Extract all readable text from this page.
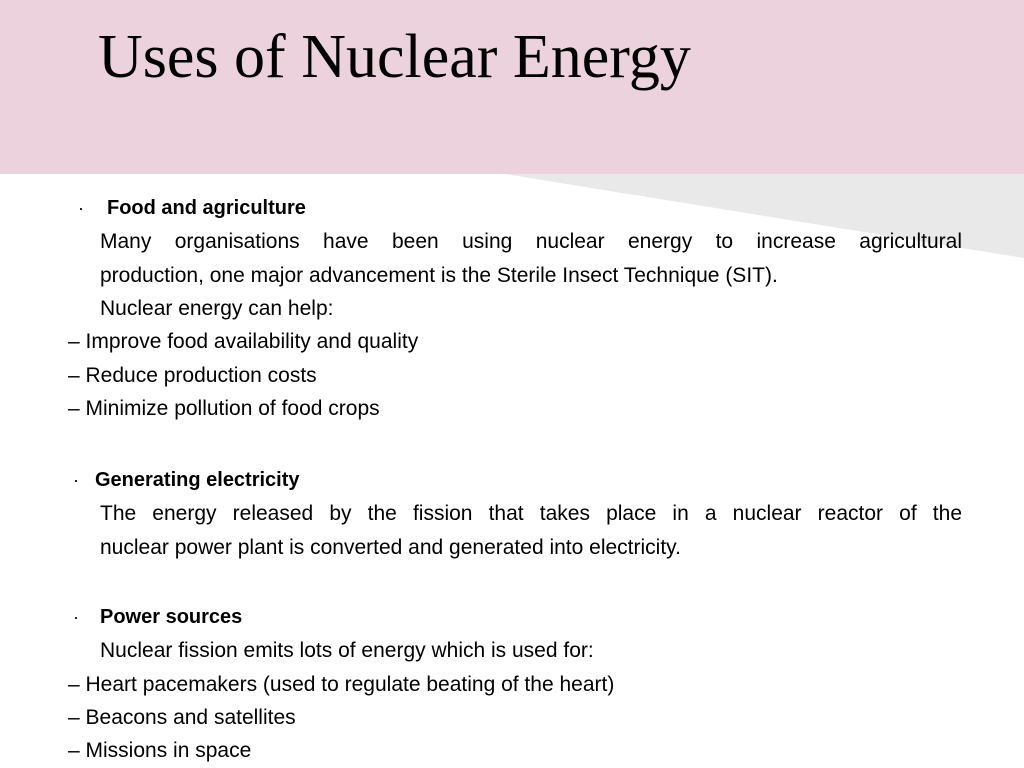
Uses of Nuclear Energy
· Food and agriculture
Many organisations have been using nuclear energy to increase agricultural
production, one major advancement is the Sterile Insect Technique (SIT).
Nuclear energy can help:
– Improve food availability and quality
– Reduce production costs
– Minimize pollution of food crops
· Generating electricity
The energy released by the fission that takes place in a nuclear reactor of the
nuclear power plant is converted and generated into electricity.
· Power sources
Nuclear fission emits lots of energy which is used for:
– Heart pacemakers (used to regulate beating of the heart)
– Beacons and satellites
– Missions in space
